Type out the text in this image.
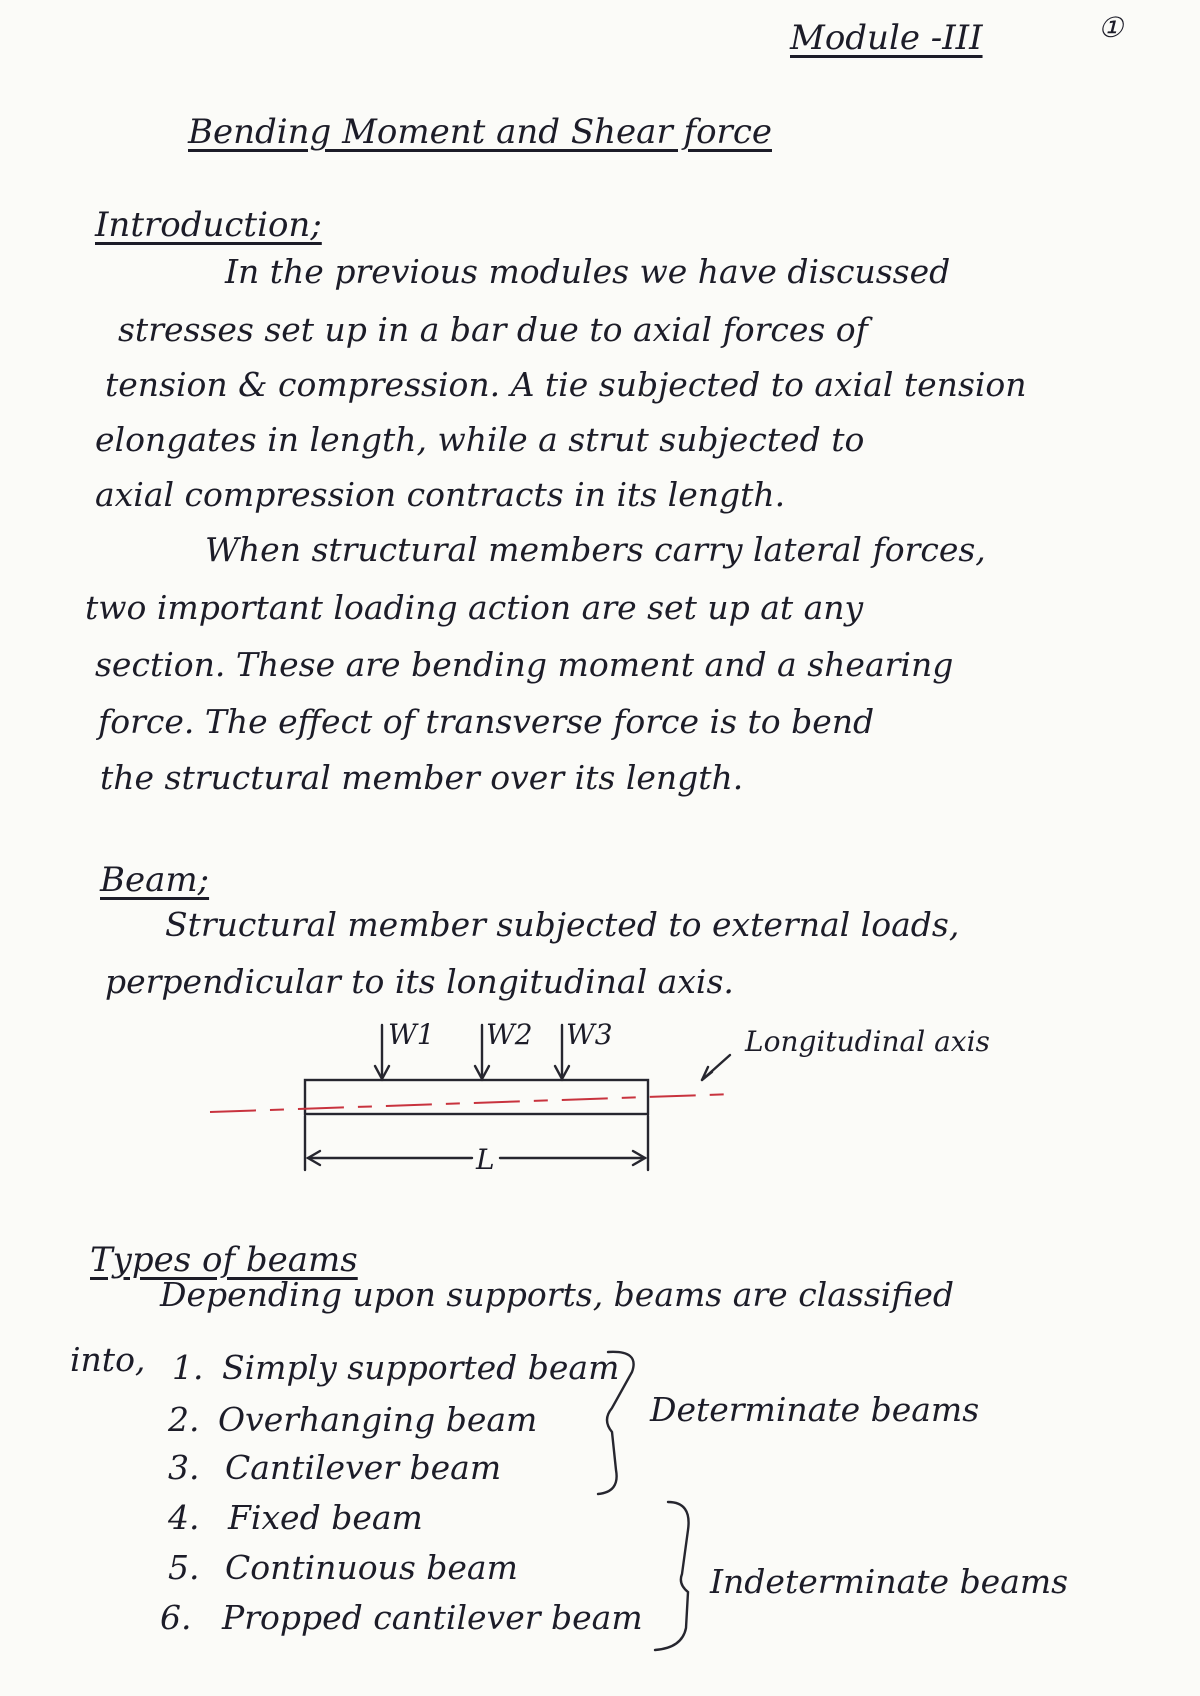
①
Module -III
Bending Moment and Shear force
Introduction;
In the previous modules we have discussed
stresses set up in a bar due to axial forces of
tension & compression. A tie subjected to axial tension
elongates in length, while a strut subjected to
axial compression contracts in its length.
When structural members carry lateral forces,
two important loading action are set up at any
section. These are bending moment and a shearing
force. The effect of transverse force is to bend
the structural member over its length.
Beam;
Structural member subjected to external loads,
perpendicular to its longitudinal axis.
W1 W2 W3	Longitudinal axis
L
Types of beams
Depending upon supports, beams are classified
into, 1. Simply supported beam
2. Overhanging beam
3. Cantilever beam
4. Fixed beam
5. Continuous beam
6. Propped cantilever beam
Determinate beams
Indeterminate beams
